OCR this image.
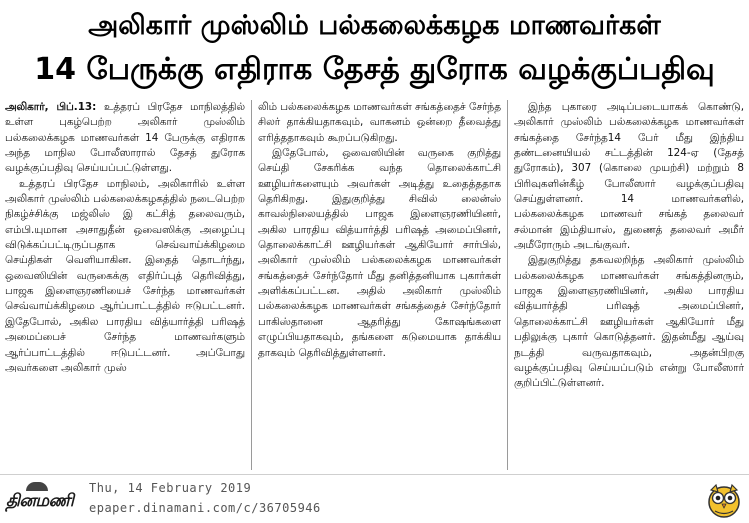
அலிகார் முஸ்லிம் பல்கலைக்கழக மாணவர்கள்
14 பேருக்கு எதிராக தேசத் துரோக வழக்குப்பதிவு

அலிகார், பிப்.13: உத்தரப் பிரதேச மாநிலத்தில் உள்ள புகழ்பெற்ற அலிகார் முஸ்லிம் பல்கலைக்கழக மாணவர்கள் 14 பேருக்கு எதிராக அந்த மாநில போலீஸாரால் தேசத் துரோக வழக்குப்பதிவு செய்யப்பட்டுள்ளது.

உத்தரப் பிரதேச மாநிலம், அலிகாரில் உள்ள அலிகார் முஸ்லிம் பல்கலைக்கழகத்தில் நடைபெற்ற நிகழ்ச்சிக்கு மஜ்லிஸ் இ கட்சித் தலைவரும், எம்பி.யுமான அசாதுதீன் ஒவைஸிக்கு அழைப்பு விடுக்கப்பட்டிருப்பதாக செவ்வாய்க்கிழமை செய்திகள் வெளியாகின. இதைத் தொடர்ந்து, ஒவைஸியின் வருகைக்கு எதிர்ப்புத் தெரிவித்து, பாஜக இளைஞரணியைச் சேர்ந்த மாணவர்கள் செவ்வாய்க்கிழமை ஆர்ப்பாட்டத்தில் ஈடுபட்டனர். இதேபோல், அகில பாரதிய வித்யார்த்தி பரிஷத் அமைப்பைச் சேர்ந்த மாணவர்களும் ஆர்ப்பாட்டத்தில் ஈடுபட்டனர். அப்போது அவர்களை அலிகார் முஸ்

லிம் பல்கலைக்கழக மாணவர்கள் சங்கத்தைச் சேர்ந்த சிலர் தாக்கியதாகவும், வாகனம் ஒன்றை தீவைத்து எரித்ததாகவும் கூறப்படுகிறது.

இதேபோல், ஒவைஸியின் வருகை குறித்து செய்தி சேகரிக்க வந்த தொலைக்காட்சி ஊழியர்களையும் அவர்கள் அடித்து உதைத்ததாக தெரிகிறது. இதுகுறித்து சிவில் லைன்ஸ் காவல்நிலையத்தில் பாஜக இளைஞரணியினர், அகில பாரதிய வித்யார்த்தி பரிஷத் அமைப்பினர், தொலைக்காட்சி ஊழியர்கள் ஆகியோர் சார்பில், அலிகார் முஸ்லிம் பல்கலைக்கழக மாணவர்கள் சங்கத்தைச் சேர்ந்தோர் மீது தனித்தனியாக புகார்கள் அளிக்கப்பட்டன. அதில் அலிகார் முஸ்லிம் பல்கலைக்கழக மாணவர்கள் சங்கத்தைச் சேர்ந்தோர் பாகிஸ்தானை ஆதரித்து கோஷங்களை எழுப்பியதாகவும், தங்களை கடுமையாக தாக்கிய தாகவும் தெரிவித்துள்ளனர்.

இந்த புகாரை அடிப்படையாகக் கொண்டு, அலிகார் முஸ்லிம் பல்கலைக்கழக மாணவர்கள் சங்கத்தை சேர்ந்த14 பேர் மீது இந்திய தண்டனையியல் சட்டத்தின் 124-ஏ (தேசத் துரோகம்), 307 (கொலை முயற்சி) மற்றும் 8 பிரிவுகளின்கீழ் போலீஸார் வழக்குப்பதிவு செய்துள்ளனர். 14 மாணவர்களில், பல்கலைக்கழக மாணவர் சங்கத் தலைவர் சல்மான் இம்தியாஸ், துணைத் தலைவர் அமீர் அமீரோரும் அடங்குவர்.

இதுகுறித்து தகவலறிந்த அலிகார் முஸ்லிம் பல்கலைக்கழக மாணவர்கள் சங்கத்தினரும், பாஜக இளைஞரணியினர், அகில பாரதிய வித்யார்த்தி பரிஷத் அமைப்பினர், தொலைக்காட்சி ஊழியர்கள் ஆகியோர் மீது பதிலுக்கு புகார் கொடுத்தனர். இதன்மீது ஆய்வு நடத்தி வருவதாகவும், அதன்பிறகு வழக்குப்பதிவு செய்யப்படும் என்று போலீஸார் குறிப்பிட்டுள்ளனர்.

தினமணி
Thu, 14 February 2019
epaper.dinamani.com/c/36705946
